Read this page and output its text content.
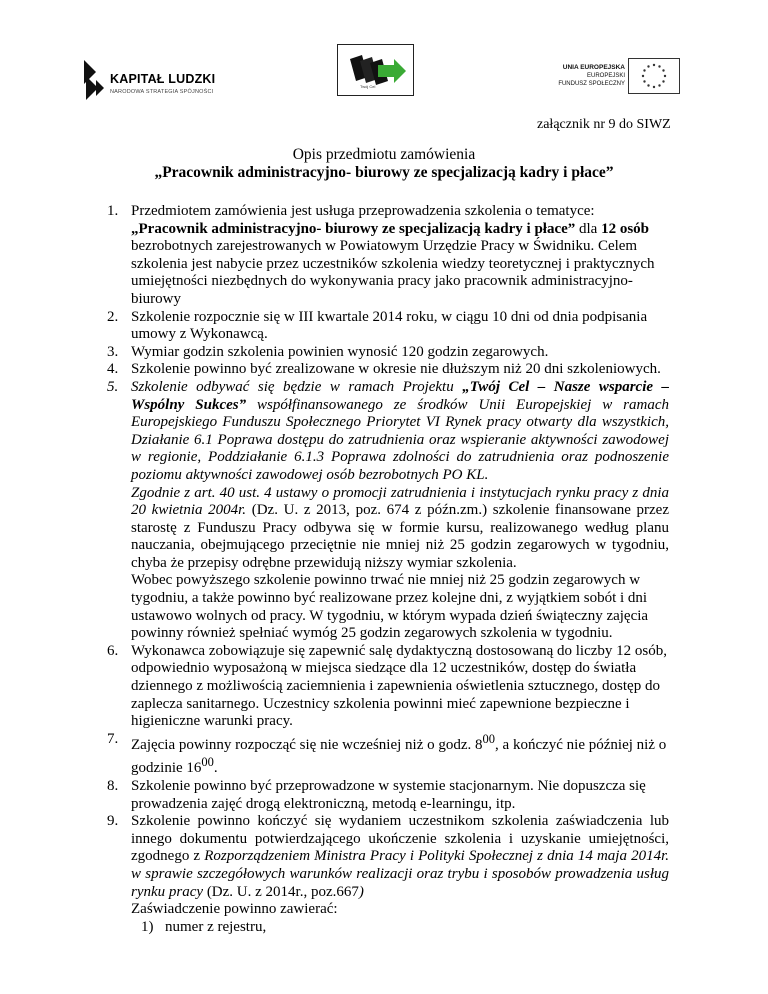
KAPITAŁ LUDZKI
NARODOWA STRATEGIA SPÓJNOŚCI
Twój Cel
UNIA EUROPEJSKA
EUROPEJSKI
FUNDUSZ SPOŁECZNY
załącznik nr 9 do SIWZ
Opis przedmiotu zamówienia
„Pracownik administracyjno- biurowy ze specjalizacją kadry i płace”
1. Przedmiotem zamówienia jest usługa przeprowadzenia szkolenia o tematyce: „Pracownik administracyjno- biurowy ze specjalizacją kadry i płace” dla 12 osób bezrobotnych zarejestrowanych w Powiatowym Urzędzie Pracy w Świdniku. Celem szkolenia jest nabycie przez uczestników szkolenia wiedzy teoretycznej i praktycznych umiejętności niezbędnych do wykonywania pracy jako pracownik administracyjno- biurowy

2. Szkolenie rozpocznie się w III kwartale 2014 roku, w ciągu 10 dni od dnia podpisania umowy z Wykonawcą.

3. Wymiar godzin szkolenia powinien wynosić 120 godzin zegarowych.

4. Szkolenie powinno być zrealizowane w okresie nie dłuższym niż 20 dni szkoleniowych.

5. Szkolenie odbywać się będzie w ramach Projektu „Twój Cel – Nasze wsparcie – Wspólny Sukces” współfinansowanego ze środków Unii Europejskiej w ramach Europejskiego Funduszu Społecznego Priorytet VI Rynek pracy otwarty dla wszystkich, Działanie 6.1 Poprawa dostępu do zatrudnienia oraz wspieranie aktywności zawodowej w regionie, Poddziałanie 6.1.3 Poprawa zdolności do zatrudnienia oraz podnoszenie poziomu aktywności zawodowej osób bezrobotnych PO KL.

Zgodnie z art. 40 ust. 4 ustawy o promocji zatrudnienia i instytucjach rynku pracy z dnia 20 kwietnia 2004r. (Dz. U. z 2013, poz. 674 z późn.zm.) szkolenie finansowane przez starostę z Funduszu Pracy odbywa się w formie kursu, realizowanego według planu nauczania, obejmującego przeciętnie nie mniej niż 25 godzin zegarowych w tygodniu, chyba że przepisy odrębne przewidują niższy wymiar szkolenia.

Wobec powyższego szkolenie powinno trwać nie mniej niż 25 godzin zegarowych w tygodniu, a także powinno być realizowane przez kolejne dni, z wyjątkiem sobót i dni ustawowo wolnych od pracy. W tygodniu, w którym wypada dzień świąteczny zajęcia powinny również spełniać wymóg 25 godzin zegarowych szkolenia w tygodniu.

6. Wykonawca zobowiązuje się zapewnić salę dydaktyczną dostosowaną do liczby 12 osób, odpowiednio wyposażoną w miejsca siedzące dla 12 uczestników, dostęp do światła dziennego z możliwością zaciemnienia i zapewnienia oświetlenia sztucznego, dostęp do zaplecza sanitarnego. Uczestnicy szkolenia powinni mieć zapewnione bezpieczne i higieniczne warunki pracy.

7. Zajęcia powinny rozpocząć się nie wcześniej niż o godz. $8^{00}$, a kończyć nie później niż o godzinie $16^{00}$.

8. Szkolenie powinno być przeprowadzone w systemie stacjonarnym. Nie dopuszcza się prowadzenia zajęć drogą elektroniczną, metodą e-learningu, itp.

9. Szkolenie powinno kończyć się wydaniem uczestnikom szkolenia zaświadczenia lub innego dokumentu potwierdzającego ukończenie szkolenia i uzyskanie umiejętności, zgodnego z Rozporządzeniem Ministra Pracy i Polityki Społecznej z dnia 14 maja 2014r. w sprawie szczegółowych warunków realizacji oraz trybu i sposobów prowadzenia usług rynku pracy (Dz. U. z 2014r., poz.667)

Zaświadczenie powinno zawierać:

1) numer z rejestru,
